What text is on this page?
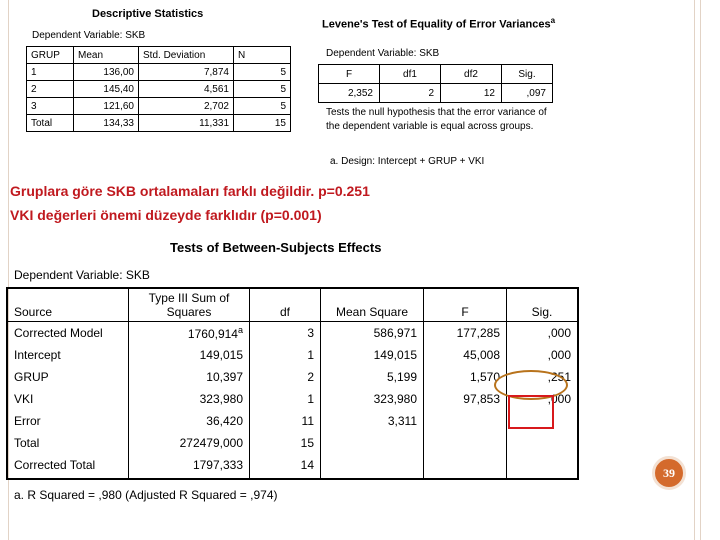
Descriptive Statistics
Dependent Variable: SKB
GRUP	Mean	Std. Deviation	N
1	136,00	7,874	5
2	145,40	4,561	5
3	121,60	2,702	5
Total	134,33	11,331	15
Levene's Test of Equality of Error Variances$^a$
Dependent Variable: SKB
F	df1	df2	Sig.
2,352	2	12	,097
Tests the null hypothesis that the error variance of the dependent variable is equal across groups.
a. Design: Intercept + GRUP + VKI
Gruplara göre SKB ortalamaları farklı değildir. p=0.251
VKI değerleri önemi düzeyde farklıdır (p=0.001)
Tests of Between-Subjects Effects
Dependent Variable: SKB
Source	Type III Sum of Squares	df	Mean Square	F	Sig.
Corrected Model	1760,914$^a$	3	586,971	177,285	,000
Intercept	149,015	1	149,015	45,008	,000
GRUP	10,397	2	5,199	1,570	,251
VKI	323,980	1	323,980	97,853	,000
Error	36,420	11	3,311		
Total	272479,000	15			
Corrected Total	1797,333	14			
a. R Squared = ,980 (Adjusted R Squared = ,974)
39
